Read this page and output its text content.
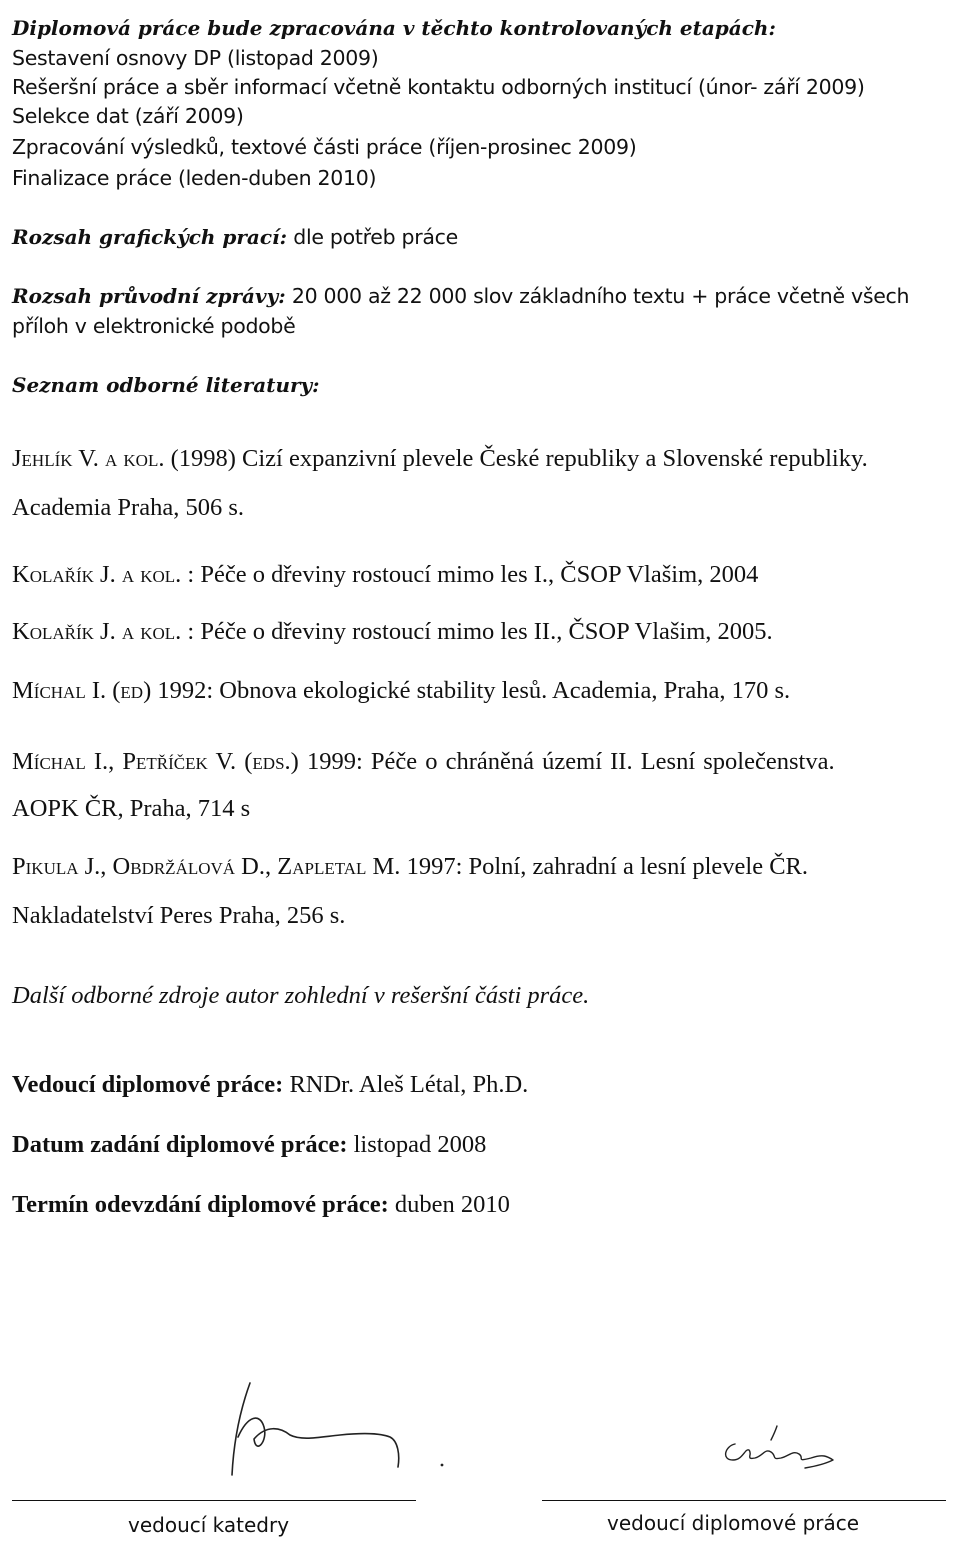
Diplomová práce bude zpracována v těchto kontrolovaných etapách:
Sestavení osnovy DP (listopad 2009)
Rešeršní práce a sběr informací včetně kontaktu odborných institucí (únor- září 2009)
Selekce dat (září 2009)
Zpracování výsledků, textové části práce (říjen-prosinec 2009)
Finalizace práce (leden-duben 2010)
Rozsah grafických prací: dle potřeb práce
Rozsah průvodní zprávy: 20 000 až 22 000 slov základního textu + práce včetně všech
příloh v elektronické podobě
Seznam odborné literatury:
Jehlík V. a kol. (1998) Cizí expanzivní plevele České republiky a Slovenské republiky.
Academia Praha, 506 s.
Kolařík J. a kol. : Péče o dřeviny rostoucí mimo les I., ČSOP Vlašim, 2004
Kolařík J. a kol. : Péče o dřeviny rostoucí mimo les II., ČSOP Vlašim, 2005.
Míchal I. (ed) 1992: Obnova ekologické stability lesů. Academia, Praha, 170 s.
Míchal I., Petříček V. (eds.) 1999: Péče o chráněná území II. Lesní společenstva.
AOPK ČR, Praha, 714 s
Pikula J., Obdržálová D., Zapletal M. 1997: Polní, zahradní a lesní plevele ČR.
Nakladatelství Peres Praha, 256 s.
Další odborné zdroje autor zohlední v rešeršní části práce.
Vedoucí diplomové práce: RNDr. Aleš Létal, Ph.D.
Datum zadání diplomové práce: listopad 2008
Termín odevzdání diplomové práce: duben 2010
vedoucí katedry	vedoucí diplomové práce
